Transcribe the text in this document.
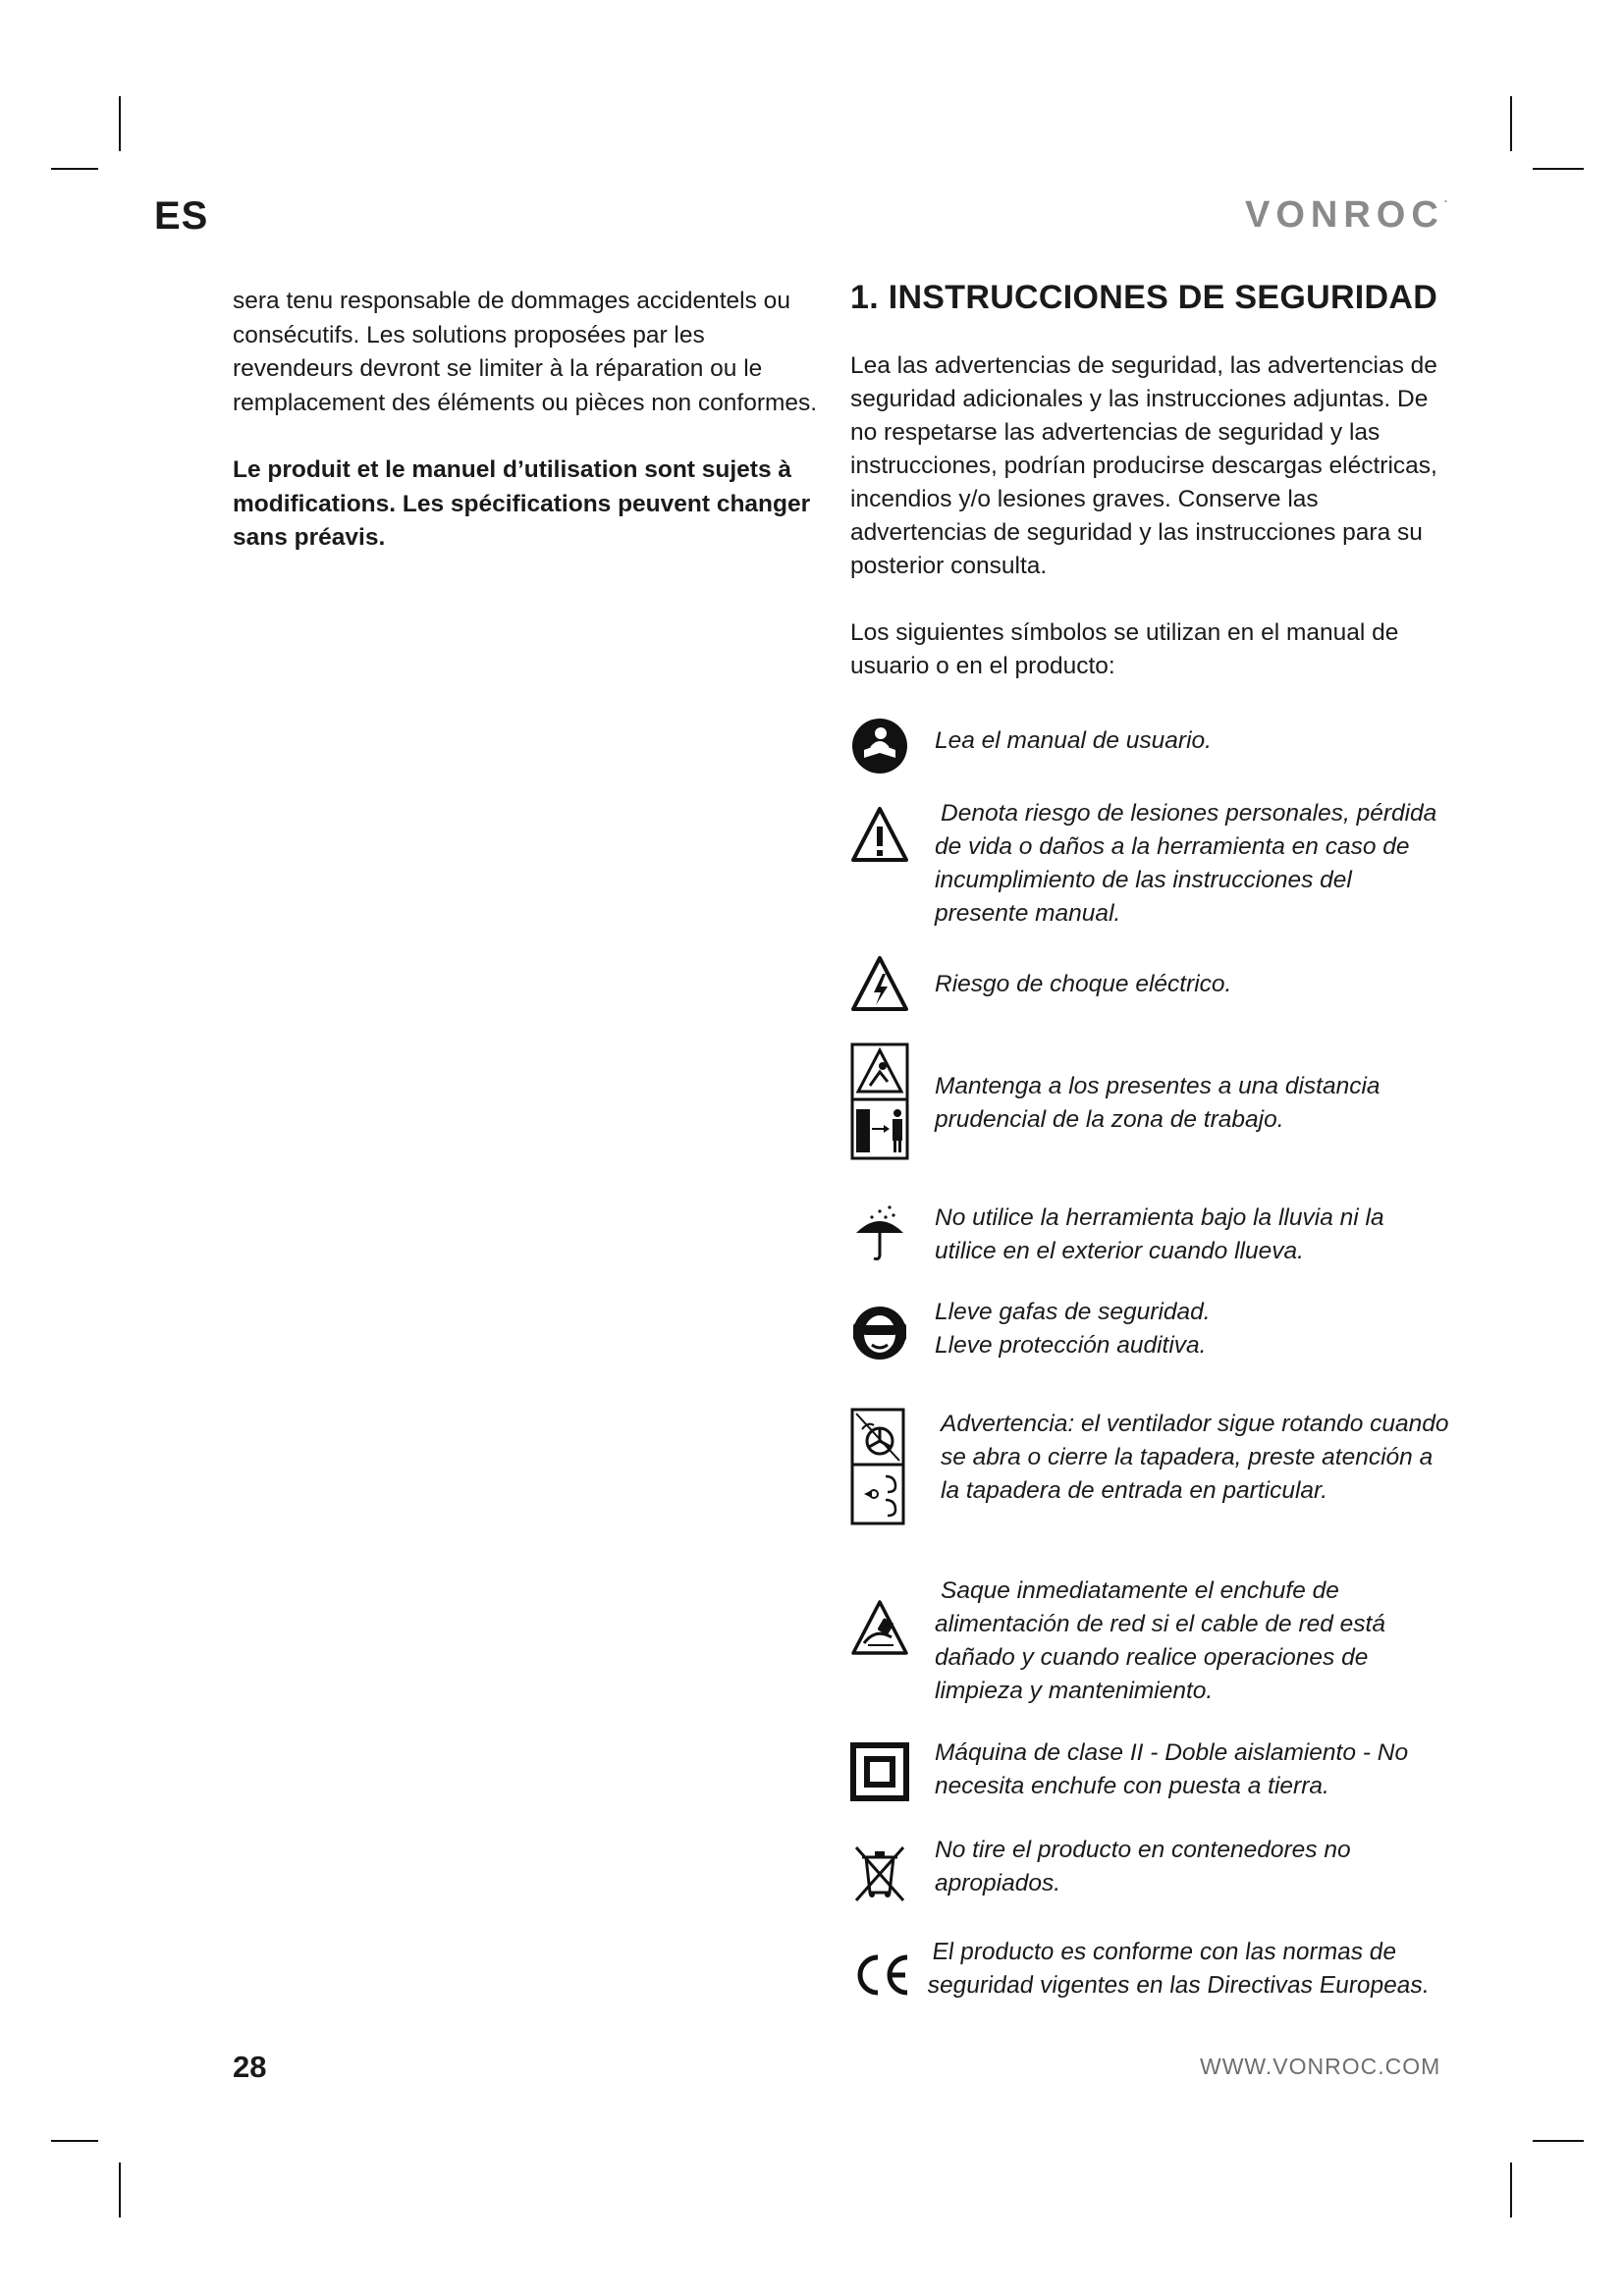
ES	VONROC·

sera tenu responsable de dommages accidentels ou consécutifs. Les solutions proposées par les revendeurs devront se limiter à la réparation ou le remplacement des éléments ou pièces non conformes.

Le produit et le manuel d’utilisation sont sujets à modifications. Les spécifications peuvent changer sans préavis.

1. INSTRUCCIONES DE SEGURIDAD

Lea las advertencias de seguridad, las advertencias de seguridad adicionales y las instrucciones adjuntas. De no respetarse las advertencias de seguridad y las instrucciones, podrían producirse descargas eléctricas, incendios y/o lesiones graves. Conserve las advertencias de seguridad y las instrucciones para su posterior consulta.

Los siguientes símbolos se utilizan en el manual de usuario o en el producto:

Lea el manual de usuario.
Denota riesgo de lesiones personales, pérdida de vida o daños a la herramienta en caso de incumplimiento de las instrucciones del presente manual.
Riesgo de choque eléctrico.
Mantenga a los presentes a una distancia prudencial de la zona de trabajo.
No utilice la herramienta bajo la lluvia ni la utilice en el exterior cuando llueva.
Lleve gafas de seguridad. Lleve protección auditiva.
Advertencia: el ventilador sigue rotando cuando se abra o cierre la tapadera, preste atención a la tapadera de entrada en particular.
Saque inmediatamente el enchufe de alimentación de red si el cable de red está dañado y cuando realice operaciones de limpieza y mantenimiento.
Máquina de clase II - Doble aislamiento - No necesita enchufe con puesta a tierra.
No tire el producto en contenedores no apropiados.
El producto es conforme con las normas de seguridad vigentes en las Directivas Europeas.
28	WWW.VONROC.COM
